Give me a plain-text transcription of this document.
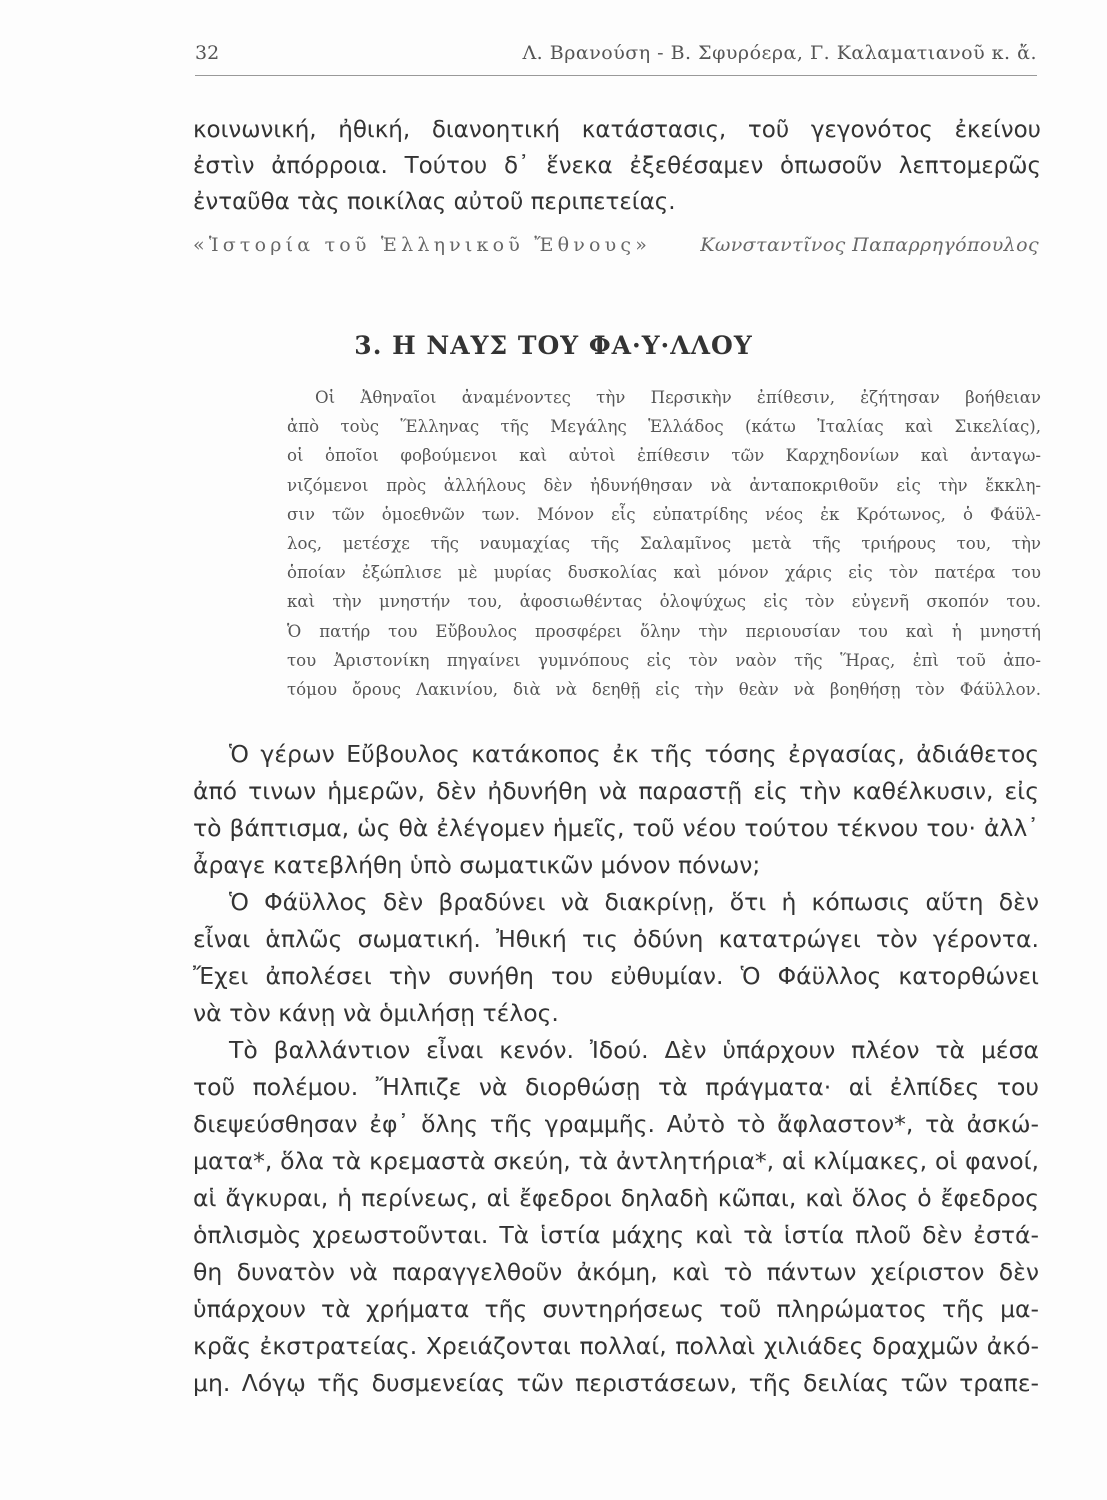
32	Λ. Βρανούση - Β. Σφυρόερα, Γ. Καλαματιανοῦ κ. ἄ.
κοινωνική, ἠθική, διανοητική κατάστασις, τοῦ γεγονότος ἐκείνου
ἐστὶν ἀπόρροια. Τούτου δ᾽ ἕνεκα ἐξεθέσαμεν ὁπωσοῦν λεπτομερῶς
ἐνταῦθα τὰς ποικίλας αὐτοῦ περιπετείας.
«Ἱστορία τοῦ Ἑλληνικοῦ Ἔθνους»	Κωνσταντῖνος Παπαρρηγόπουλος
3. Η ΝΑΥΣ ΤΟΥ ΦΑ·Υ·ΛΛΟΥ
Οἱ Ἀθηναῖοι ἀναμένοντες τὴν Περσικὴν ἐπίθεσιν, ἐζήτησαν βοήθειαν
ἀπὸ τοὺς Ἕλληνας τῆς Μεγάλης Ἑλλάδος (κάτω Ἰταλίας καὶ Σικελίας),
οἱ ὁποῖοι φοβούμενοι καὶ αὐτοὶ ἐπίθεσιν τῶν Καρχηδονίων καὶ ἀνταγω-
νιζόμενοι πρὸς ἀλλήλους δὲν ἠδυνήθησαν νὰ ἀνταποκριθοῦν εἰς τὴν ἔκκλη-
σιν τῶν ὁμοεθνῶν των. Μόνον εἷς εὐπατρίδης νέος ἐκ Κρότωνος, ὁ Φάϋλ-
λος, μετέσχε τῆς ναυμαχίας τῆς Σαλαμῖνος μετὰ τῆς τριήρους του, τὴν
ὁποίαν ἐξώπλισε μὲ μυρίας δυσκολίας καὶ μόνον χάρις εἰς τὸν πατέρα του
καὶ τὴν μνηστήν του, ἀφοσιωθέντας ὁλοψύχως εἰς τὸν εὐγενῆ σκοπόν του.
Ὁ πατήρ του Εὔβουλος προσφέρει ὅλην τὴν περιουσίαν του καὶ ἡ μνηστή
του Ἀριστονίκη πηγαίνει γυμνόπους εἰς τὸν ναὸν τῆς Ἥρας, ἐπὶ τοῦ ἀπο-
τόμου ὄρους Λακινίου, διὰ νὰ δεηθῇ εἰς τὴν θεὰν νὰ βοηθήσῃ τὸν Φάϋλλον.
Ὁ γέρων Εὔβουλος κατάκοπος ἐκ τῆς τόσης ἐργασίας, ἀδιάθετος
ἀπό τινων ἡμερῶν, δὲν ἠδυνήθη νὰ παραστῇ εἰς τὴν καθέλκυσιν, εἰς
τὸ βάπτισμα, ὡς θὰ ἐλέγομεν ἡμεῖς, τοῦ νέου τούτου τέκνου του· ἀλλ᾽
ἆραγε κατεβλήθη ὑπὸ σωματικῶν μόνον πόνων;
Ὁ Φάϋλλος δὲν βραδύνει νὰ διακρίνῃ, ὅτι ἡ κόπωσις αὕτη δὲν
εἶναι ἁπλῶς σωματική. Ἠθική τις ὀδύνη κατατρώγει τὸν γέροντα.
Ἔχει ἀπολέσει τὴν συνήθη του εὐθυμίαν. Ὁ Φάϋλλος κατορθώνει
νὰ τὸν κάνῃ νὰ ὁμιλήσῃ τέλος.
Τὸ βαλλάντιον εἶναι κενόν. Ἰδού. Δὲν ὑπάρχουν πλέον τὰ μέσα
τοῦ πολέμου. Ἤλπιζε νὰ διορθώσῃ τὰ πράγματα· αἱ ἐλπίδες του
διεψεύσθησαν ἐφ᾽ ὅλης τῆς γραμμῆς. Αὐτὸ τὸ ἄφλαστον*, τὰ ἀσκώ-
ματα*, ὅλα τὰ κρεμαστὰ σκεύη, τὰ ἀντλητήρια*, αἱ κλίμακες, οἱ φανοί,
αἱ ἄγκυραι, ἡ περίνεως, αἱ ἔφεδροι δηλαδὴ κῶπαι, καὶ ὅλος ὁ ἔφεδρος
ὁπλισμὸς χρεωστοῦνται. Τὰ ἱστία μάχης καὶ τὰ ἱστία πλοῦ δὲν ἐστά-
θη δυνατὸν νὰ παραγγελθοῦν ἀκόμη, καὶ τὸ πάντων χείριστον δὲν
ὑπάρχουν τὰ χρήματα τῆς συντηρήσεως τοῦ πληρώματος τῆς μα-
κρᾶς ἐκστρατείας. Χρειάζονται πολλαί, πολλαὶ χιλιάδες δραχμῶν ἀκό-
μη. Λόγῳ τῆς δυσμενείας τῶν περιστάσεων, τῆς δειλίας τῶν τραπε-
